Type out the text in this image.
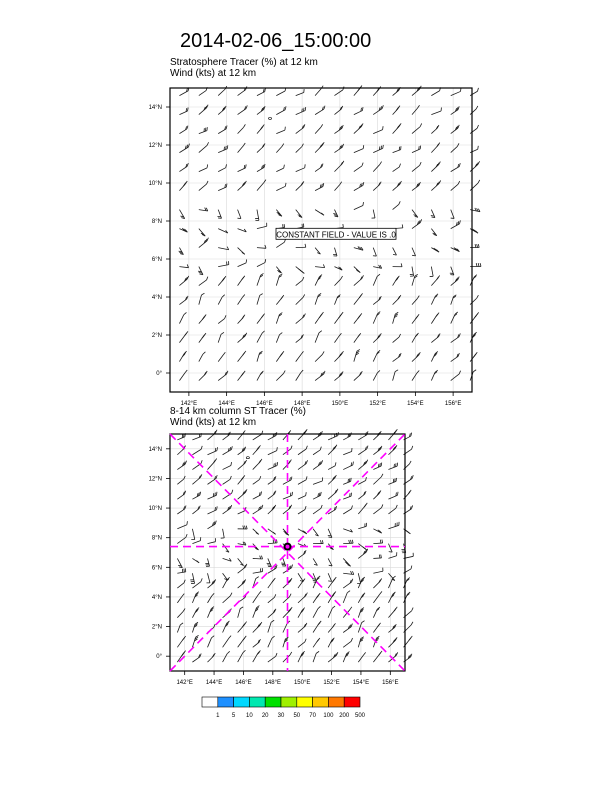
2014-02-06_15:00:00
Stratosphere Tracer (%) at 12 km
Wind (kts) at 12 km
8-14 km column ST Tracer (%)
Wind (kts) at 12 km
142°E	144°E	146°E	148°E	150°E	152°E	154°E	156°E
0°
2°N
4°N
6°N
8°N
10°N
12°N
14°N
CONSTANT FIELD - VALUE IS .0
142°E 144°E 146°E 148°E 150°E 152°E 154°E 156°E
0°
2°N
4°N
6°N
8°N
10°N
12°N
14°N
1 5 10 20 30 50 70 100 200 500
